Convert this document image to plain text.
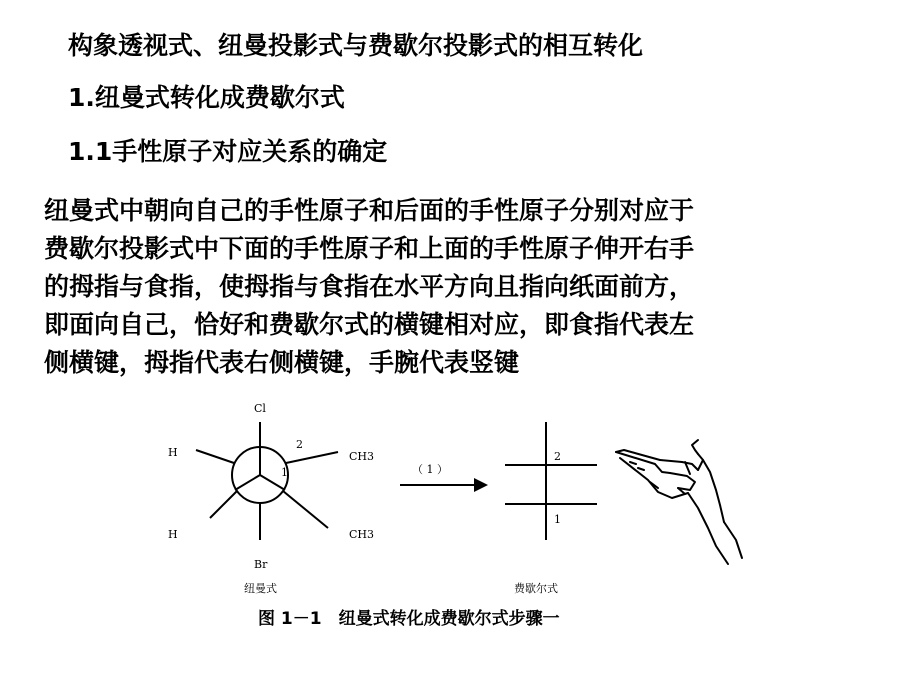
构象透视式、纽曼投影式与费歇尔投影式的相互转化
1.纽曼式转化成费歇尔式
1.1手性原子对应关系的确定
纽曼式中朝向自己的手性原子和后面的手性原子分别对应于
费歇尔投影式中下面的手性原子和上面的手性原子伸开右手
的拇指与食指，使拇指与食指在水平方向且指向纸面前方，
即面向自己，恰好和费歇尔式的横键相对应，即食指代表左
侧横键，拇指代表右侧横键，手腕代表竖键
Cl
H
H
CH3
CH3
2
1
Br
纽曼式
（ 1 ）
2
1
费歇尔式
图 1－1　纽曼式转化成费歇尔式步骤一
